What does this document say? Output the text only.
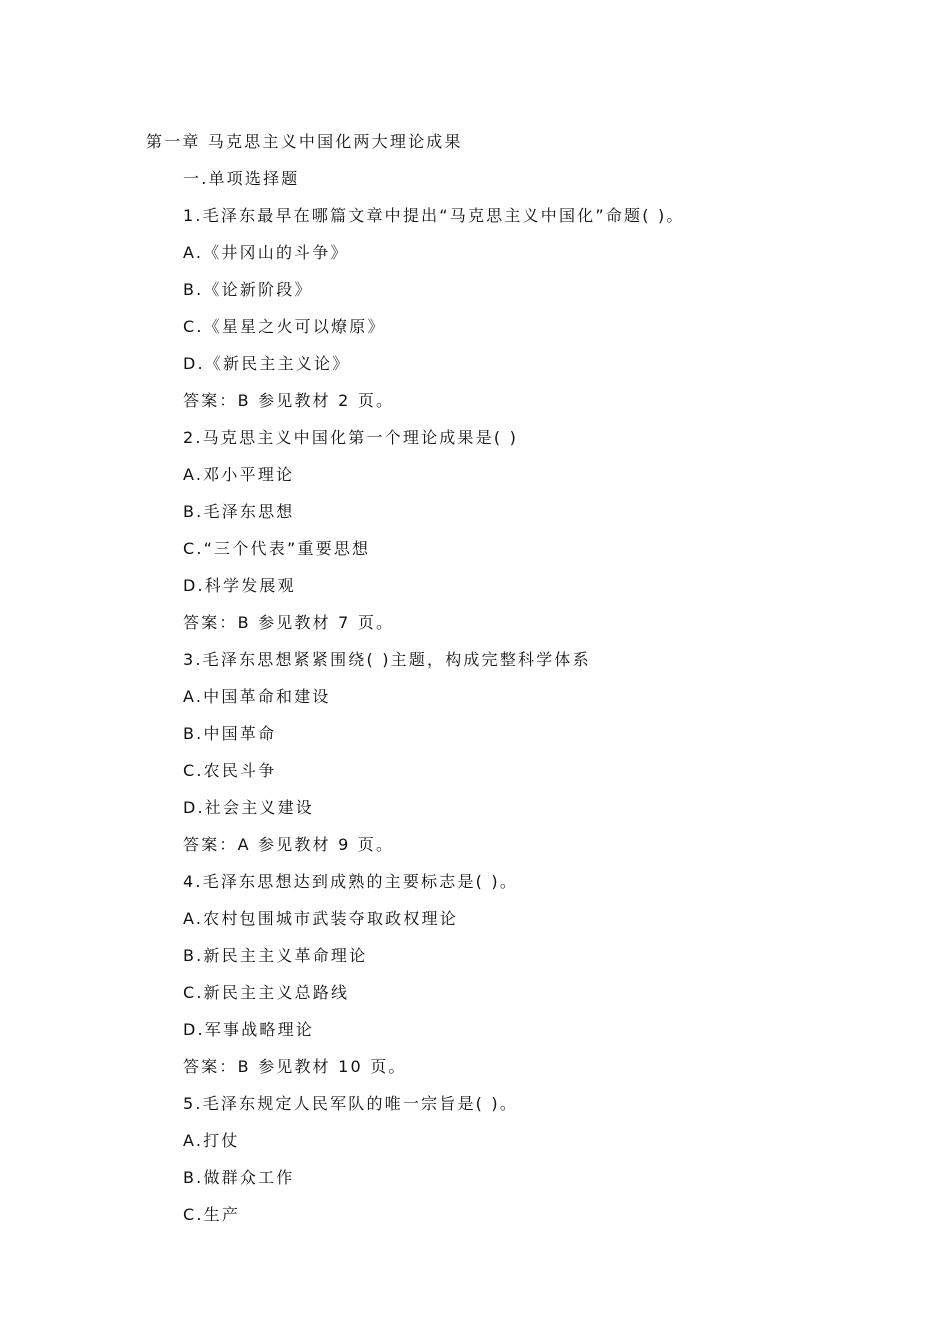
第一章 马克思主义中国化两大理论成果
一.单项选择题
1.毛泽东最早在哪篇文章中提出“马克思主义中国化”命题( )。
A.《井冈山的斗争》
B.《论新阶段》
C.《星星之火可以燎原》
D.《新民主主义论》
答案：B 参见教材 2 页。
2.马克思主义中国化第一个理论成果是( )
A.邓小平理论
B.毛泽东思想
C.“三个代表”重要思想
D.科学发展观
答案：B 参见教材 7 页。
3.毛泽东思想紧紧围绕( )主题，构成完整科学体系
A.中国革命和建设
B.中国革命
C.农民斗争
D.社会主义建设
答案：A 参见教材 9 页。
4.毛泽东思想达到成熟的主要标志是( )。
A.农村包围城市武装夺取政权理论
B.新民主主义革命理论
C.新民主主义总路线
D.军事战略理论
答案：B 参见教材 10 页。
5.毛泽东规定人民军队的唯一宗旨是( )。
A.打仗
B.做群众工作
C.生产
